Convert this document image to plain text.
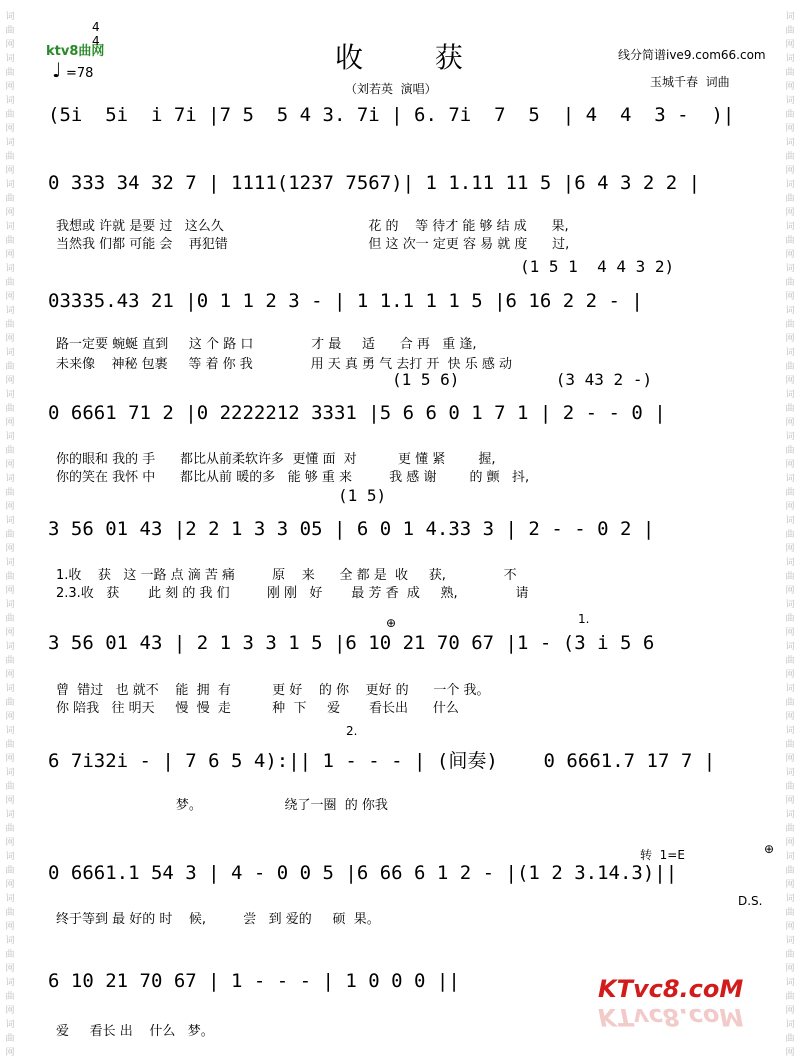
词
曲
网
词
曲
网
词
曲
网
词
曲
网
词
曲
网
词
曲
网
词
曲
网
词
曲
网
词
曲
网
词
曲
网
词
曲
网
词
曲
网
词
曲
网
词
曲
网
词
曲
网
词
曲
网
词
曲
网
词
曲
网
词
曲
网
词
曲
网
词
曲
网
词
曲
网
词
曲
网
词
曲
网
词
曲
网
词
曲
网
词
曲
网
词
曲
网
词
曲
网
词
曲
网
词
曲
网
词
曲
网
词
曲
网
词
曲
网
词
曲
网
词
曲
网
词
曲
网
词
曲
网
词
曲
网
词
曲
网
词
曲
网
词
曲
网
词
曲
网
词
曲
网
词
曲
网
词
曲
网
词
曲
网
词
曲
网
词
曲
网
词
曲
网
ktv8曲网
4
4
♩ =78	收  获
（刘若英  演唱）
线分简谱ive9.com66.com
玉城千春  词曲
(5i  5i  i 7i |7 5  5 4 3. 7i | 6. 7i  7  5  | 4  4  3 -  )|
0 333 34 32 7 | 1111(1237 7567)| 1 1.11 11 5 |6 4 3 2 2 |
我想或 许就 是要 过   这么久                                   花 的    等 待才 能 够 结 成      果,
当然我 们都 可能 会    再犯错                                  但 这 次一 定更 容 易 就 度      过,
(1 5 1  4 4 3 2)
03335.43 21 |0 1 1 2 3 - | 1 1.1 1 1 5 |6 16 2 2 - |
路一定要 蜿蜒 直到     这 个 路 口              才 最     适      合 再   重 逢,
未来像    神秘 包裹     等 着 你 我              用 天 真 勇 气 去打 开  快 乐 感 动
(1 5 6)          (3 43 2 -)
0 6661 71 2 |0 2222212 3331 |5 6 6 0 1 7 1 | 2 - - 0 |
你的眼和 我的 手      都比从前柔软许多  更懂 面  对          更 懂 紧        握,
你的笑在 我怀 中      都比从前 暖的多   能 够 重 来         我 感 谢        的 颤   抖,
(1 5)
3 56 01 43 |2 2 1 3 3 05 | 6 0 1 4.33 3 | 2 - - 0 2 |
1.收    获   这 一路 点 滴 苦 痛         原    来      全 都 是  收     获,              不
2.3.收   获       此 刻 的 我 们         刚 刚   好       最 芳 香  成     熟,              请
3 56 01 43 | 2 1 3 3 1 5 |6 10 21 70 67 |1 - (3 i 5 6
曾  错过   也 就不    能  拥  有          更 好    的 你    更好 的      一个 我。
你 陪我   往 明天     慢  慢  走          种  下     爱       看长出      什么
1.
6 7i32i - | 7 6 5 4):|| 1 - - - | (间奏)    0 6661.7 17 7 |
梦。                    绕了一圈  的 你我
2.
0 6661.1 54 3 | 4 - 0 0 5 |6 66 6 1 2 - |(1 2 3.14.3)||
终于等到 最 好的 时    候,         尝   到 爱的     硕  果。
转  1=E
D.S.
6 10 21 70 67 | 1 - - - | 1 0 0 0 ||
爱     看长 出    什么   梦。
⊕
⊕
KTvc8.coM
KTvc8.coM
